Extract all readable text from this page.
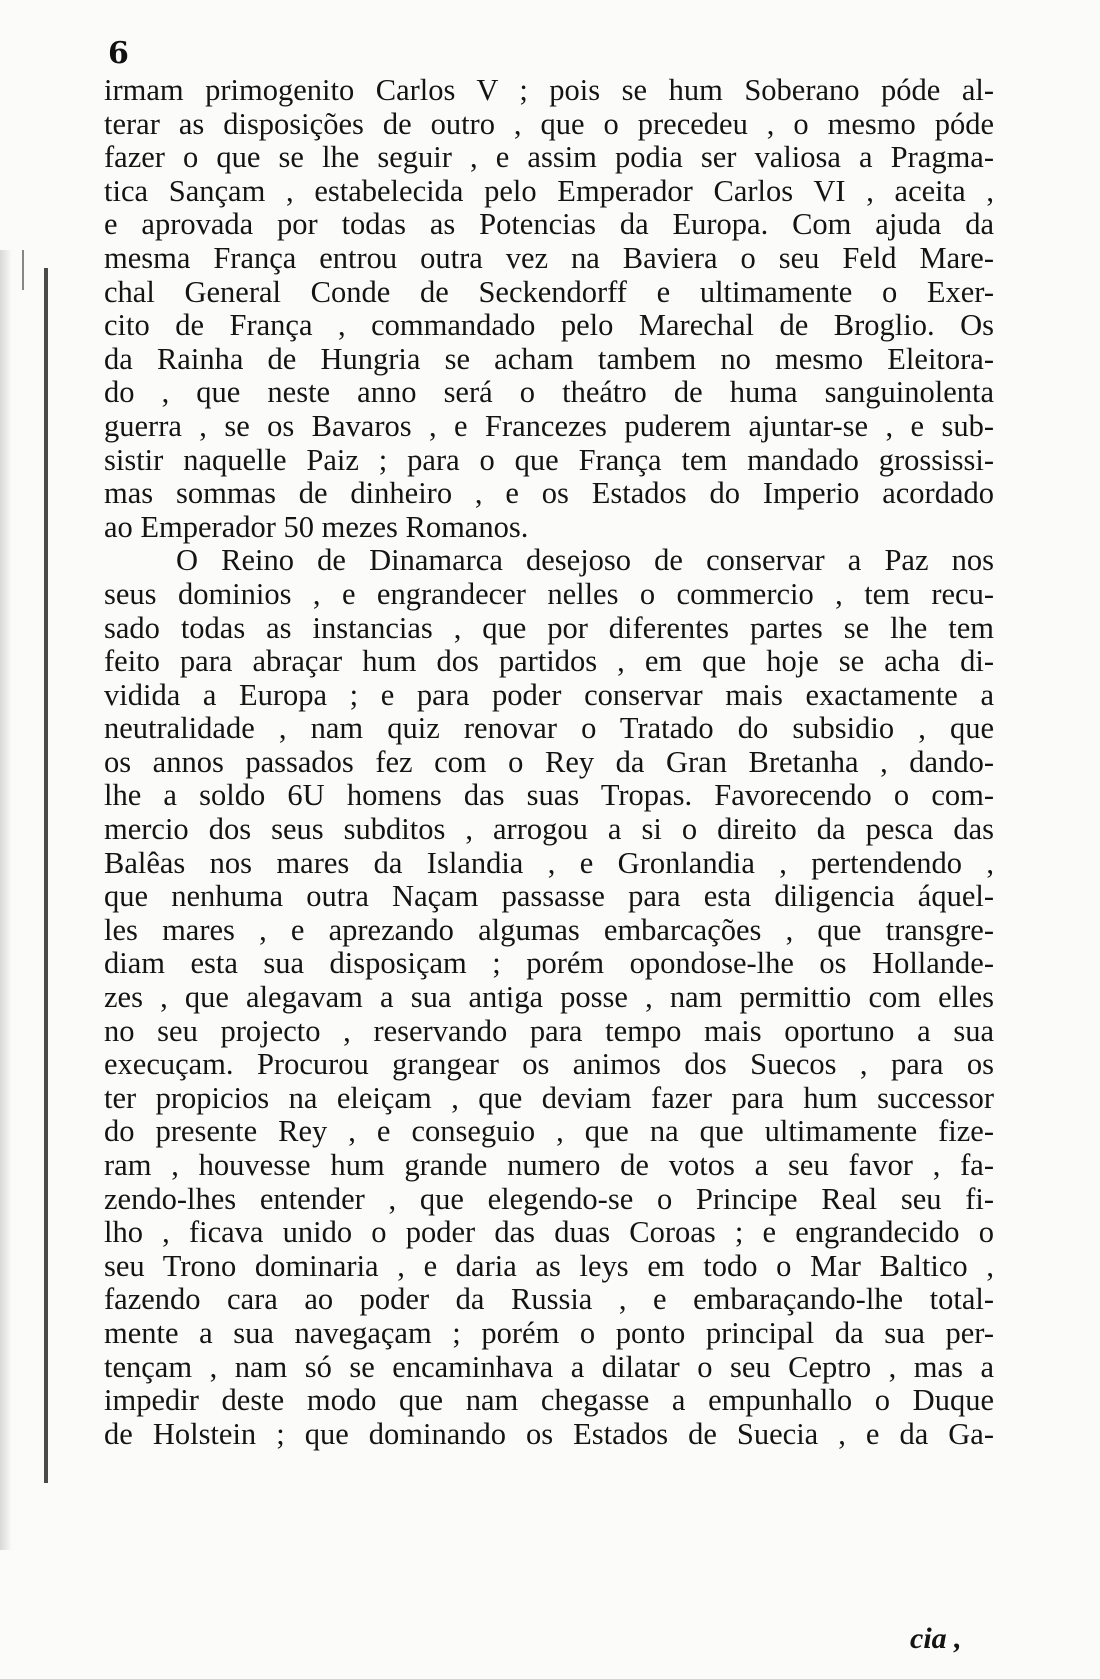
6
irmam primogenito Carlos V ; pois se hum Soberano póde al-
terar as disposições de outro , que o precedeu , o mesmo póde
fazer o que se lhe seguir , e assim podia ser valiosa a Pragma-
tica Sançam , estabelecida pelo Emperador Carlos VI , aceita ,
e aprovada por todas as Potencias da Europa. Com ajuda da
mesma França entrou outra vez na Baviera o seu Feld Mare-
chal General Conde de Seckendorff e ultimamente o Exer-
cito de França , commandado pelo Marechal de Broglio. Os
da Rainha de Hungria se acham tambem no mesmo Eleitora-
do , que neste anno será o theátro de huma sanguinolenta
guerra , se os Bavaros , e Francezes puderem ajuntar-se , e sub-
sistir naquelle Paiz ; para o que França tem mandado grossissi-
mas sommas de dinheiro , e os Estados do Imperio acordado
ao Emperador 50 mezes Romanos.
O Reino de Dinamarca desejoso de conservar a Paz nos
seus dominios , e engrandecer nelles o commercio , tem recu-
sado todas as instancias , que por diferentes partes se lhe tem
feito para abraçar hum dos partidos , em que hoje se acha di-
vidida a Europa ; e para poder conservar mais exactamente a
neutralidade , nam quiz renovar o Tratado do subsidio , que
os annos passados fez com o Rey da Gran Bretanha , dando-
lhe a soldo 6U homens das suas Tropas. Favorecendo o com-
mercio dos seus subditos , arrogou a si o direito da pesca das
Balêas nos mares da Islandia , e Gronlandia , pertendendo ,
que nenhuma outra Naçam passasse para esta diligencia áquel-
les mares , e aprezando algumas embarcações , que transgre-
diam esta sua disposiçam ; porém opondose-lhe os Hollande-
zes , que alegavam a sua antiga posse , nam permittio com elles
no seu projecto , reservando para tempo mais oportuno a sua
execuçam. Procurou grangear os animos dos Suecos , para os
ter propicios na eleiçam , que deviam fazer para hum successor
do presente Rey , e conseguio , que na que ultimamente fize-
ram , houvesse hum grande numero de votos a seu favor , fa-
zendo-lhes entender , que elegendo-se o Principe Real seu fi-
lho , ficava unido o poder das duas Coroas ; e engrandecido o
seu Trono dominaria , e daria as leys em todo o Mar Baltico ,
fazendo cara ao poder da Russia , e embaraçando-lhe total-
mente a sua navegaçam ; porém o ponto principal da sua per-
tençam , nam só se encaminhava a dilatar o seu Ceptro , mas a
impedir deste modo que nam chegasse a empunhallo o Duque
de Holstein ; que dominando os Estados de Suecia , e da Ga-
cia ,
